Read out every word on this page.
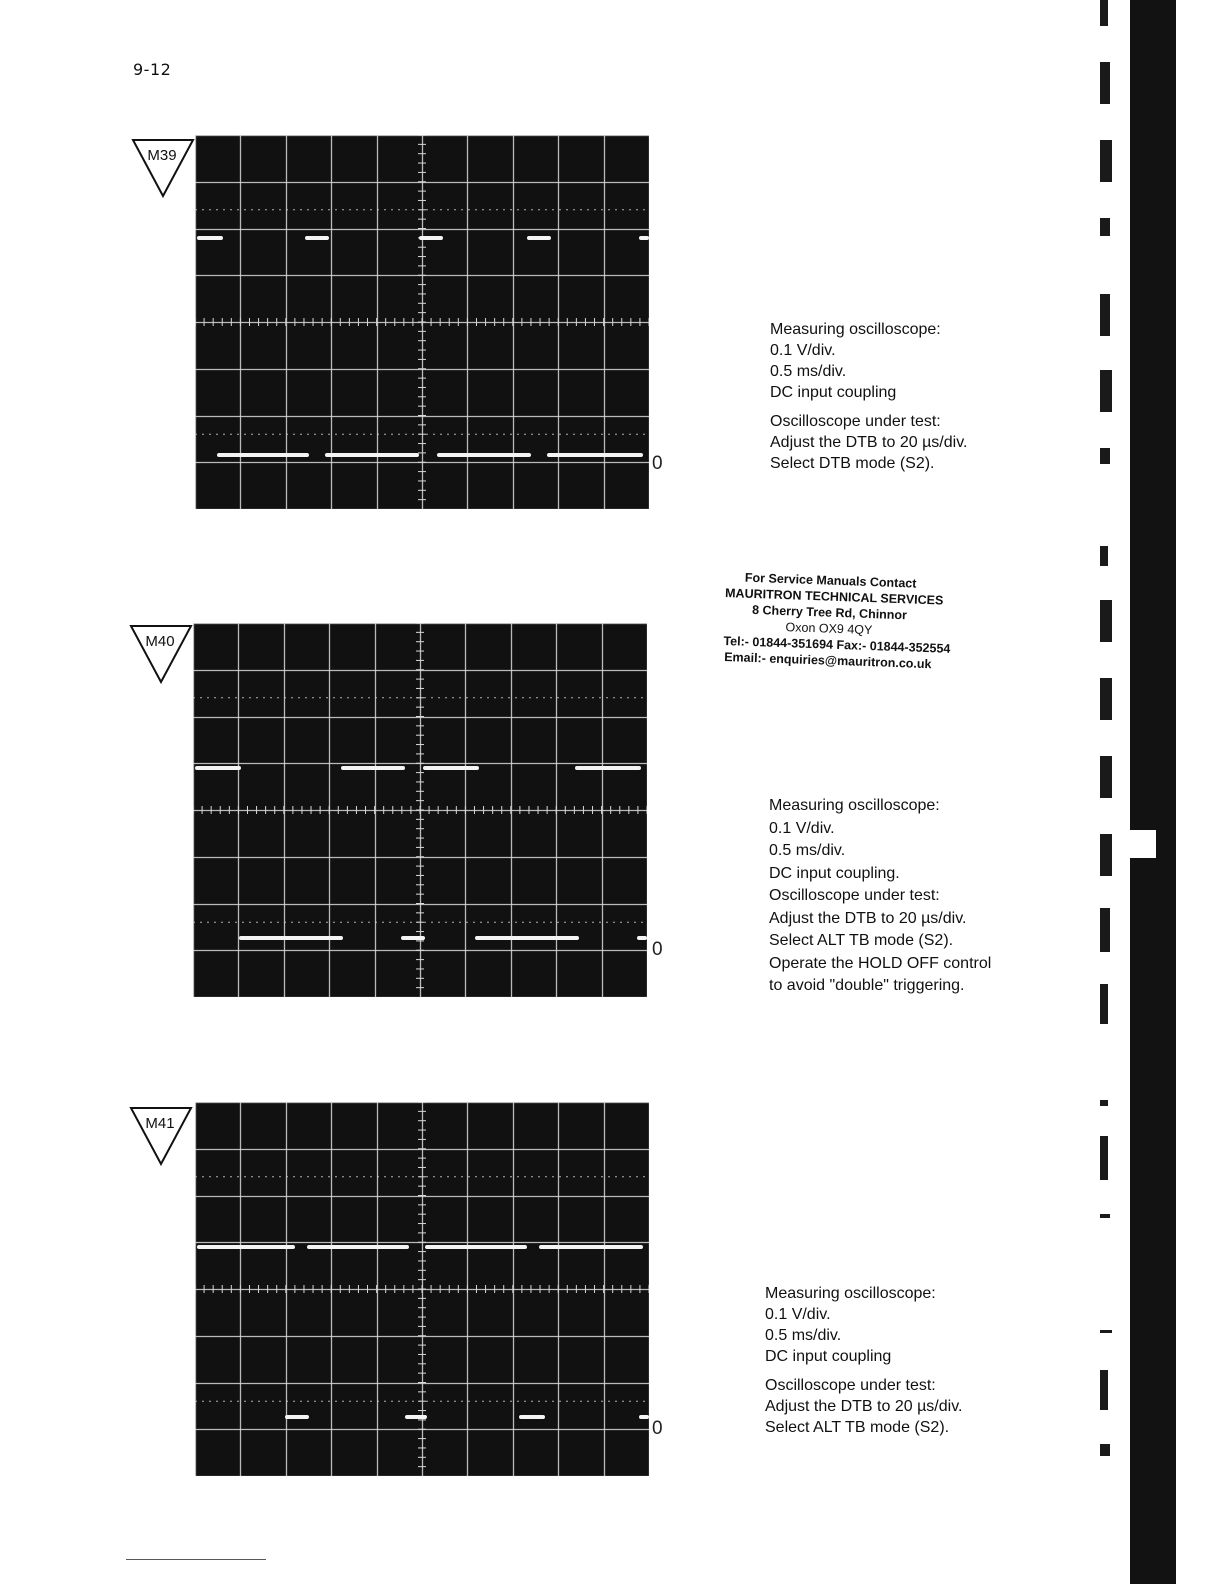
9-12
M39
0
Measuring oscilloscope:
0.1 V/div.
0.5 ms/div.
DC input coupling
Oscilloscope under test:
Adjust the DTB to 20 µs/div.
Select DTB mode (S2).
For Service Manuals Contact
MAURITRON TECHNICAL SERVICES
8 Cherry Tree Rd, Chinnor
Oxon OX9 4QY
Tel:- 01844-351694 Fax:- 01844-352554
Email:- enquiries@mauritron.co.uk
M40
0
Measuring oscilloscope:
0.1 V/div.
0.5 ms/div.
DC input coupling.
Oscilloscope under test:
Adjust the DTB to 20 µs/div.
Select ALT TB mode (S2).
Operate the HOLD OFF control
to avoid "double" triggering.
M41
0
Measuring oscilloscope:
0.1 V/div.
0.5 ms/div.
DC input coupling
Oscilloscope under test:
Adjust the DTB to 20 µs/div.
Select ALT TB mode (S2).
